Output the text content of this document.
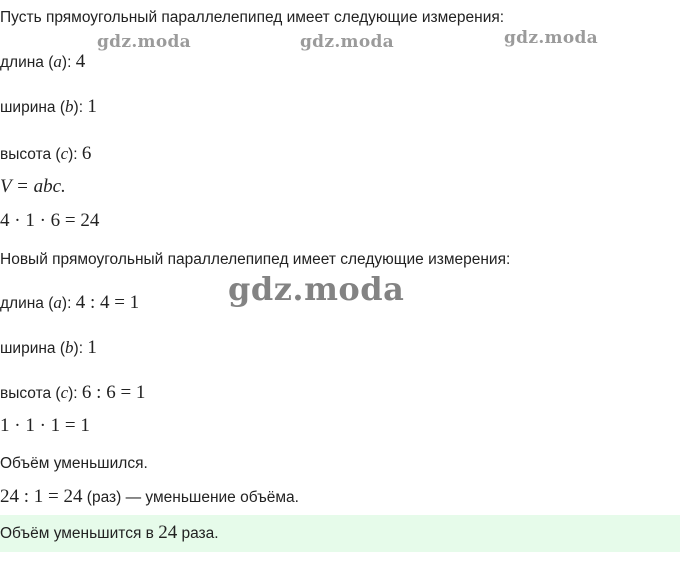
gdz.moda	gdz.moda	gdz.moda
gdz.moda
Пусть прямоугольный параллелепипед имеет следующие измерения:
длина (a): 4
ширина (b): 1
высота (c): 6
V = abc.
4 · 1 · 6 = 24
Новый прямоугольный параллелепипед имеет следующие измерения:
длина (a): 4 : 4 = 1
ширина (b): 1
высота (c): 6 : 6 = 1
1 · 1 · 1 = 1
Объём уменьшился.
24 : 1 = 24 (раз) — уменьшение объёма.
Объём уменьшится в 24 раза.
